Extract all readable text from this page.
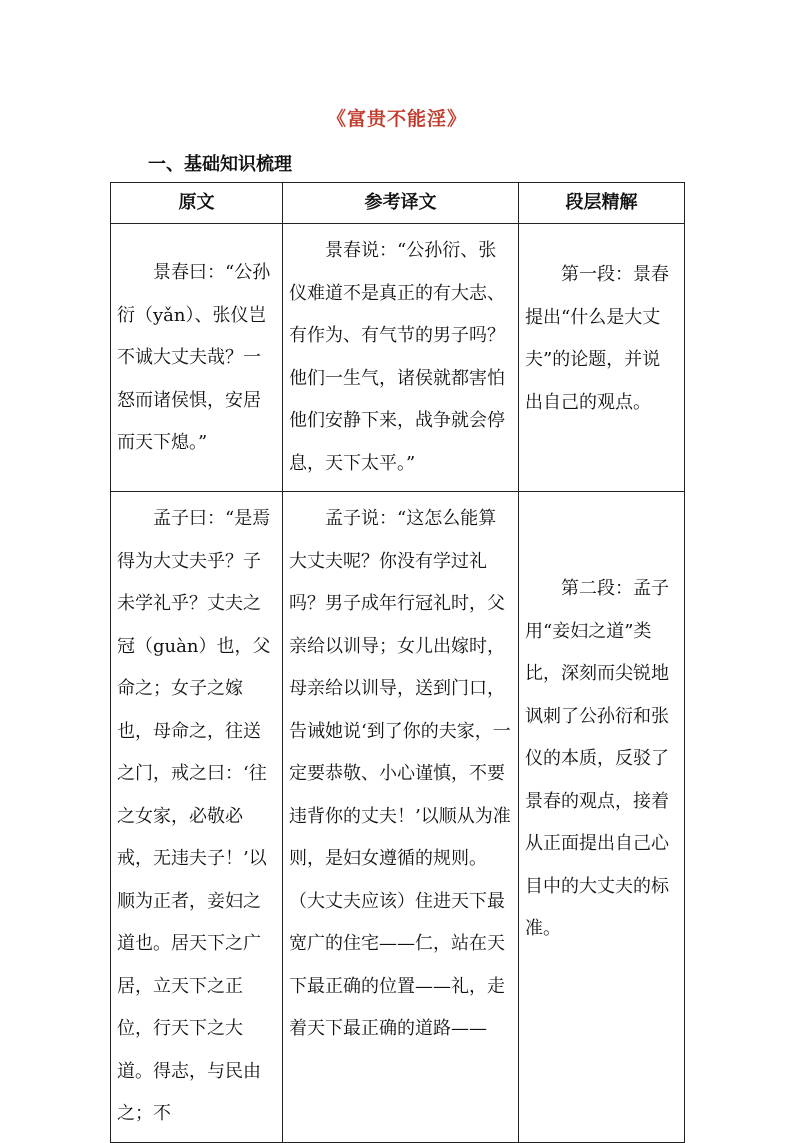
《富贵不能淫》
一、基础知识梳理
原文	参考译文	段层精解

景春曰：“公孙衍（yǎn）、张仪岂不诚大丈夫哉？一怒而诸侯惧，安居而天下熄。”	景春说：“公孙衍、张仪难道不是真正的有大志、有作为、有气节的男子吗？他们一生气，诸侯就都害怕他们安静下来，战争就会停息，天下太平。”	第一段：景春提出“什么是大丈夫”的论题，并说出自己的观点。

孟子曰：“是焉得为大丈夫乎？子未学礼乎？丈夫之冠（guàn）也，父命之；女子之嫁也，母命之，往送之门，戒之曰：‘往之女家，必敬必戒，无违夫子！’以顺为正者，妾妇之道也。居天下之广居，立天下之正位，行天下之大道。得志，与民由之；不	孟子说：“这怎么能算大丈夫呢？你没有学过礼吗？男子成年行冠礼时，父亲给以训导；女儿出嫁时，母亲给以训导，送到门口，告诫她说‘到了你的夫家，一定要恭敬、小心谨慎，不要违背你的丈夫！’以顺从为准则，是妇女遵循的规则。（大丈夫应该）住进天下最宽广的住宅——仁，站在天下最正确的位置——礼，走着天下最正确的道路——	第二段：孟子用“妾妇之道”类比，深刻而尖锐地讽刺了公孙衍和张仪的本质，反驳了景春的观点，接着从正面提出自己心目中的大丈夫的标准。
